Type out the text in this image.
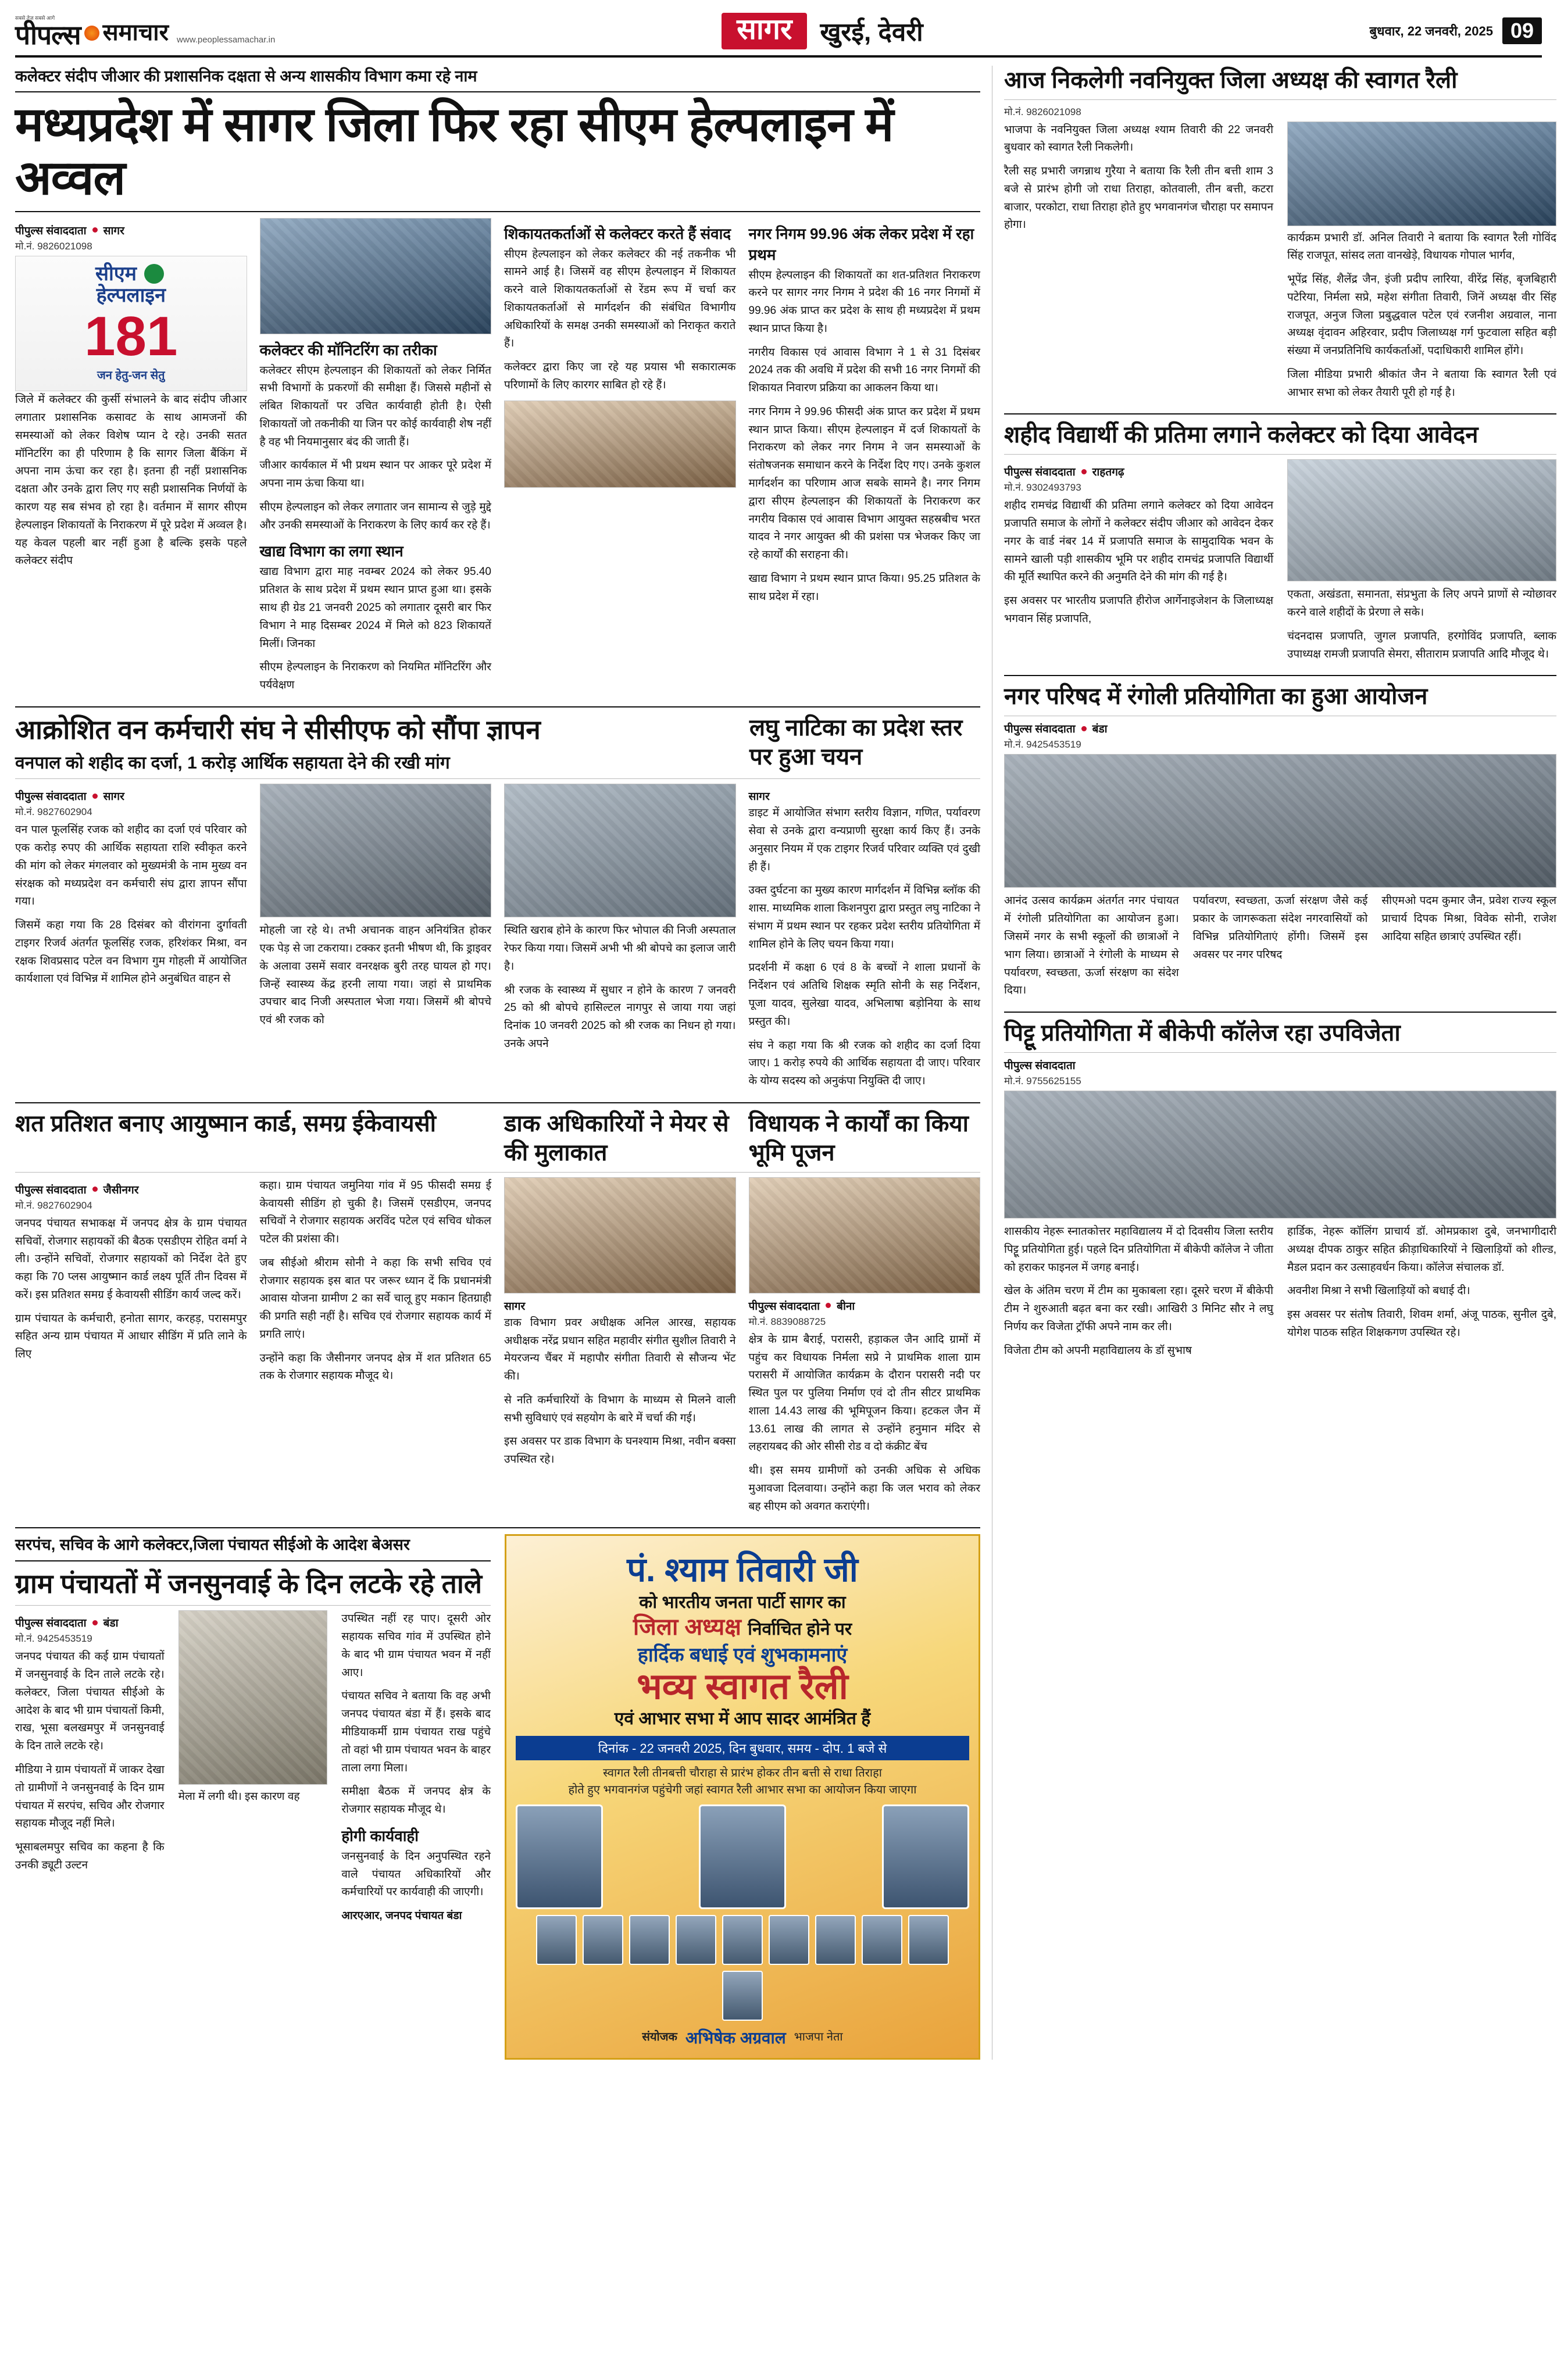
सबसे तेज़ सबसे आगे
पीपल्स समाचार www.peoplessamachar.in	सागर	खुरई, देवरी	बुधवार, 22 जनवरी, 2025 09
कलेक्टर संदीप जीआर की प्रशासनिक दक्षता से अन्य शासकीय विभाग कमा रहे नाम
मध्यप्रदेश में सागर जिला फिर रहा सीएम हेल्पलाइन में अव्वल
पीपुल्स संवाददाता सागर
मो.नं. 9826021098
सीएम
हेल्पलाइन
181
जन हेतु-जन सेतु

जिले में कलेक्टर की कुर्सी संभालने के बाद संदीप जीआर लगातार प्रशासनिक कसावट के साथ आमजनों की समस्याओं को लेकर विशेष प्यान दे रहे। उनकी सतत मॉनिटरिंग का ही परिणाम है कि सागर जिला बैंकिंग में अपना नाम ऊंचा कर रहा है। इतना ही नहीं प्रशासनिक दक्षता और उनके द्वारा लिए गए सही प्रशासनिक निर्णयों के कारण यह सब संभव हो रहा है। वर्तमान में सागर सीएम हेल्पलाइन शिकायतों के निराकरण में पूरे प्रदेश में अव्वल है। यह केवल पहली बार नहीं हुआ है बल्कि इसके पहले कलेक्टर संदीप

कलेक्टर की मॉनिटरिंग का तरीका

कलेक्टर सीएम हेल्पलाइन की शिकायतों को लेकर निर्मित सभी विभागों के प्रकरणों की समीक्षा हैं। जिससे महीनों से लंबित शिकायतों पर उचित कार्यवाही होती है। ऐसी शिकायतों जो तकनीकी या जिन पर कोई कार्यवाही शेष नहीं है वह भी नियमानुसार बंद की जाती हैं।

जीआर कार्यकाल में भी प्रथम स्थान पर आकर पूरे प्रदेश में अपना नाम ऊंचा किया था।

सीएम हेल्पलाइन को लेकर लगातार जन सामान्य से जुड़े मुद्दे और उनकी समस्याओं के निराकरण के लिए कार्य कर रहे हैं।

खाद्य विभाग का लगा स्थान

खाद्य विभाग द्वारा माह नवम्बर 2024 को लेकर 95.40 प्रतिशत के साथ प्रदेश में प्रथम स्थान प्राप्त हुआ था। इसके साथ ही ग्रेड 21 जनवरी 2025 को लगातार दूसरी बार फिर विभाग ने माह दिसम्बर 2024 में मिले को 823 शिकायतें मिलीं। जिनका

सीएम हेल्पलाइन के निराकरण को नियमित मॉनिटरिंग और पर्यवेक्षण

शिकायतकर्ताओं से कलेक्टर करते हैं संवाद

सीएम हेल्पलाइन को लेकर कलेक्टर की नई तकनीक भी सामने आई है। जिसमें वह सीएम हेल्पलाइन में शिकायत करने वाले शिकायतकर्ताओं से रेंडम रूप में चर्चा कर शिकायतकर्ताओं से मार्गदर्शन की संबंधित विभागीय अधिकारियों के समक्ष उनकी समस्याओं को निराकृत कराते हैं।

कलेक्टर द्वारा किए जा रहे यह प्रयास भी सकारात्मक परिणामों के लिए कारगर साबित हो रहे हैं।

नगर निगम 99.96 अंक लेकर प्रदेश में रहा प्रथम

सीएम हेल्पलाइन की शिकायतों का शत-प्रतिशत निराकरण करने पर सागर नगर निगम ने प्रदेश की 16 नगर निगमों में 99.96 अंक प्राप्त कर प्रदेश के साथ ही मध्यप्रदेश में प्रथम स्थान प्राप्त किया है।

नगरीय विकास एवं आवास विभाग ने 1 से 31 दिसंबर 2024 तक की अवधि में प्रदेश की सभी 16 नगर निगमों की शिकायत निवारण प्रक्रिया का आकलन किया था।

नगर निगम ने 99.96 फीसदी अंक प्राप्त कर प्रदेश में प्रथम स्थान प्राप्त किया। सीएम हेल्पलाइन में दर्ज शिकायतों के निराकरण को लेकर नगर निगम ने जन समस्याओं के संतोषजनक समाधान करने के निर्देश दिए गए। उनके कुशल मार्गदर्शन का परिणाम आज सबके सामने है। नगर निगम द्वारा सीएम हेल्पलाइन की शिकायतों के निराकरण कर नगरीय विकास एवं आवास विभाग आयुक्त सहस्रबीच भरत यादव ने नगर आयुक्त श्री की प्रशंसा पत्र भेजकर किए जा रहे कार्यों की सराहना की।

खाद्य विभाग ने प्रथम स्थान प्राप्त किया। 95.25 प्रतिशत के साथ प्रदेश में रहा।

आक्रोशित वन कर्मचारी संघ ने सीसीएफ को सौंपा ज्ञापन
वनपाल को शहीद का दर्जा, 1 करोड़ आर्थिक सहायता देने की रखी मांग
लघु नाटिका का प्रदेश स्तर पर हुआ चयन
पीपुल्स संवाददाता सागर
मो.नं. 9827602904

वन पाल फूलसिंह रजक को शहीद का दर्जा एवं परिवार को एक करोड़ रुपए की आर्थिक सहायता राशि स्वीकृत करने की मांग को लेकर मंगलवार को मुख्यमंत्री के नाम मुख्य वन संरक्षक को मध्यप्रदेश वन कर्मचारी संघ द्वारा ज्ञापन सौंपा गया।

जिसमें कहा गया कि 28 दिसंबर को वीरांगना दुर्गावती टाइगर रिजर्व अंतर्गत फूलसिंह रजक, हरिशंकर मिश्रा, वन रक्षक शिवप्रसाद पटेल वन विभाग गुम गोहली में आयोजित कार्यशाला एवं विभिन्न में शामिल होने अनुबंधित वाहन से

मोहली जा रहे थे। तभी अचानक वाहन अनियंत्रित होकर एक पेड़ से जा टकराया। टक्कर इतनी भीषण थी, कि ड्राइवर के अलावा उसमें सवार वनरक्षक बुरी तरह घायल हो गए। जिन्हें स्वास्थ्य केंद्र हरनी लाया गया। जहां से प्राथमिक उपचार बाद निजी अस्पताल भेजा गया। जिसमें श्री बोपचे एवं श्री रजक को

स्थिति खराब होने के कारण फिर भोपाल की निजी अस्पताल रेफर किया गया। जिसमें अभी भी श्री बोपचे का इलाज जारी है।

श्री रजक के स्वास्थ्य में सुधार न होने के कारण 7 जनवरी 25 को श्री बोपचे हासिल्टल नागपुर से जाया गया जहां दिनांक 10 जनवरी 2025 को श्री रजक का निधन हो गया। उनके अपने

सागर

डाइट में आयोजित संभाग स्तरीय विज्ञान, गणित, पर्यावरण सेवा से उनके द्वारा वन्यप्राणी सुरक्षा कार्य किए हैं। उनके अनुसार नियम में एक टाइगर रिजर्व परिवार व्यक्ति एवं दुखी ही हैं।

उक्त दुर्घटना का मुख्य कारण मार्गदर्शन में विभिन्न ब्लॉक की शास. माध्यमिक शाला किशनपुरा द्वारा प्रस्तुत लघु नाटिका ने संभाग में प्रथम स्थान पर रहकर प्रदेश स्तरीय प्रतियोगिता में शामिल होने के लिए चयन किया गया।

प्रदर्शनी में कक्षा 6 एवं 8 के बच्चों ने शाला प्रधानों के निर्देशन एवं अतिथि शिक्षक स्मृति सोनी के सह निर्देशन, पूजा यादव, सुलेखा यादव, अभिलाषा बड़ोनिया के साथ प्रस्तुत की।

संघ ने कहा गया कि श्री रजक को शहीद का दर्जा दिया जाए। 1 करोड़ रुपये की आर्थिक सहायता दी जाए। परिवार के योग्य सदस्य को अनुकंपा नियुक्ति दी जाए।

शत प्रतिशत बनाए आयुष्मान कार्ड, समग्र ईकेवायसी	डाक अधिकारियों ने मेयर से की मुलाकात
विधायक ने कार्यों का किया भूमि पूजन
पीपुल्स संवाददाता जैसीनगर
मो.नं. 9827602904

जनपद पंचायत सभाकक्ष में जनपद क्षेत्र के ग्राम पंचायत सचिवों, रोजगार सहायकों की बैठक एसडीएम रोहित वर्मा ने ली। उन्होंने सचिवों, रोजगार सहायकों को निर्देश देते हुए कहा कि 70 प्लस आयुष्मान कार्ड लक्ष्य पूर्ति तीन दिवस में करें। इस प्रतिशत समग्र ई केवायसी सीडिंग कार्य जल्द करें।

ग्राम पंचायत के कर्मचारी, हनोता सागर, करहड़, परासमपुर सहित अन्य ग्राम पंचायत में आधार सीडिंग में प्रति लाने के लिए

कहा। ग्राम पंचायत जमुनिया गांव में 95 फीसदी समग्र ई केवायसी सीडिंग हो चुकी है। जिसमें एसडीएम, जनपद सचिवों ने रोजगार सहायक अरविंद पटेल एवं सचिव धोकल पटेल की प्रशंसा की।

जब सीईओ श्रीराम सोनी ने कहा कि सभी सचिव एवं रोजगार सहायक इस बात पर जरूर ध्यान दें कि प्रधानमंत्री आवास योजना ग्रामीण 2 का सर्वे चालू हुए मकान हितग्राही की प्रगति सही नहीं है। सचिव एवं रोजगार सहायक कार्य में प्रगति लाएं।

उन्होंने कहा कि जैसीनगर जनपद क्षेत्र में शत प्रतिशत 65 तक के रोजगार सहायक मौजूद थे।

सागर

डाक विभाग प्रवर अधीक्षक अनिल आरख, सहायक अधीक्षक नरेंद्र प्रधान सहित महावीर संगीत सुशील तिवारी ने मेयरजन्य चैंबर में महापौर संगीता तिवारी से सौजन्य भेंट की।

से नति कर्मचारियों के विभाग के माध्यम से मिलने वाली सभी सुविधाएं एवं सहयोग के बारे में चर्चा की गई।

इस अवसर पर डाक विभाग के घनश्याम मिश्रा, नवीन बक्सा उपस्थित रहे।

पीपुल्स संवाददाता बीना
मो.नं. 8839088725

क्षेत्र के ग्राम बैराई, परासरी, हड़ाकल जैन आदि ग्रामों में पहुंच कर विधायक निर्मला सप्रे ने प्राथमिक शाला ग्राम परासरी में आयोजित कार्यक्रम के दौरान परासरी नदी पर स्थित पुल पर पुलिया निर्माण एवं दो तीन सीटर प्राथमिक शाला 14.43 लाख की भूमिपूजन किया। हटकल जैन में 13.61 लाख की लागत से उन्होंने हनुमान मंदिर से लहरायबद की ओर सीसी रोड व दो कंक्रीट बेंच

थी। इस समय ग्रामीणों को उनकी अधिक से अधिक मुआवजा दिलवाया। उन्होंने कहा कि जल भराव को लेकर बह सीएम को अवगत कराएंगी।

सरपंच, सचिव के आगे कलेक्टर,जिला पंचायत सीईओ के आदेश बेअसर
ग्राम पंचायतों में जनसुनवाई के दिन लटके रहे ताले
पीपुल्स संवाददाता बंडा
मो.नं. 9425453519

जनपद पंचायत की कई ग्राम पंचायतों में जनसुनवाई के दिन ताले लटके रहे। कलेक्टर, जिला पंचायत सीईओ के आदेश के बाद भी ग्राम पंचायतों किमी, राख, भूसा बलखमपुर में जनसुनवाई के दिन ताले लटके रहे।

मीडिया ने ग्राम पंचायतों में जाकर देखा तो ग्रामीणों ने जनसुनवाई के दिन ग्राम पंचायत में सरपंच, सचिव और रोजगार सहायक मौजूद नहीं मिले।

भूसाबलमपुर सचिव का कहना है कि उनकी ड्यूटी उल्टन

मेला में लगी थी। इस कारण वह

उपस्थित नहीं रह पाए। दूसरी ओर सहायक सचिव गांव में उपस्थित होने के बाद भी ग्राम पंचायत भवन में नहीं आए।

पंचायत सचिव ने बताया कि वह अभी जनपद पंचायत बंडा में हैं। इसके बाद मीडियाकर्मी ग्राम पंचायत राख पहुंचे तो वहां भी ग्राम पंचायत भवन के बाहर ताला लगा मिला।

समीक्षा बैठक में जनपद क्षेत्र के रोजगार सहायक मौजूद थे।

होगी कार्यवाही

जनसुनवाई के दिन अनुपस्थित रहने वाले पंचायत अधिकारियों और कर्मचारियों पर कार्यवाही की जाएगी।

आरएआर, जनपद पंचायत बंडा

पं. श्याम तिवारी जी
को भारतीय जनता पार्टी सागर का
जिला अध्यक्ष निर्वाचित होने पर
हार्दिक बधाई एवं शुभकामनाएं
भव्य स्वागत रैली
एवं आभार सभा में आप सादर आमंत्रित हैं
दिनांक - 22 जनवरी 2025, दिन बुधवार, समय - दोप. 1 बजे से
स्वागत रैली तीनबत्ती चौराहा से प्रारंभ होकर तीन बत्ती से राधा तिराहा
होते हुए भगवानगंज पहुंचेगी जहां स्वागत रैली आभार सभा का आयोजन किया जाएगा
संयोजक अभिषेक अग्रवाल भाजपा नेता
आज निकलेगी नवनियुक्त जिला अध्यक्ष की स्वागत रैली
मो.नं. 9826021098

भाजपा के नवनियुक्त जिला अध्यक्ष श्याम तिवारी की 22 जनवरी बुधवार को स्वागत रैली निकलेगी।

रैली सह प्रभारी जगन्नाथ गुरैया ने बताया कि रैली तीन बत्ती शाम 3 बजे से प्रारंभ होगी जो राधा तिराहा, कोतवाली, तीन बत्ती, कटरा बाजार, परकोटा, राधा तिराहा होते हुए भगवानगंज चौराहा पर समापन होगा।

कार्यक्रम प्रभारी डॉ. अनिल तिवारी ने बताया कि स्वागत रैली गोविंद सिंह राजपूत, सांसद लता वानखेड़े, विधायक गोपाल भार्गव,

भूपेंद्र सिंह, शैलेंद्र जैन, इंजी प्रदीप लारिया, वीरेंद्र सिंह, बृजबिहारी पटेरिया, निर्मला सप्रे, महेश संगीता तिवारी, जिनें अध्यक्ष वीर सिंह राजपूत, अनुज जिला प्रबुद्धवाल पटेल एवं रजनीश अग्रवाल, नाना अध्यक्ष वृंदावन अहिरवार, प्रदीप जिलाध्यक्ष गर्ग फुटवाला सहित बड़ी संख्या में जनप्रतिनिधि कार्यकर्ताओं, पदाधिकारी शामिल होंगे।

जिला मीडिया प्रभारी श्रीकांत जैन ने बताया कि स्वागत रैली एवं आभार सभा को लेकर तैयारी पूरी हो गई है।

शहीद विद्यार्थी की प्रतिमा लगाने कलेक्टर को दिया आवेदन
पीपुल्स संवाददाता राहतगढ़
मो.नं. 9302493793

शहीद रामचंद्र विद्यार्थी की प्रतिमा लगाने कलेक्टर को दिया आवेदन प्रजापति समाज के लोगों ने कलेक्टर संदीप जीआर को आवेदन देकर नगर के वार्ड नंबर 14 में प्रजापति समाज के सामुदायिक भवन के सामने खाली पड़ी शासकीय भूमि पर शहीद रामचंद्र प्रजापति विद्यार्थी की मूर्ति स्थापित करने की अनुमति देने की मांग की गई है।

इस अवसर पर भारतीय प्रजापति हीरोज आर्गेनाइजेशन के जिलाध्यक्ष भगवान सिंह प्रजापति,

एकता, अखंडता, समानता, संप्रभुता के लिए अपने प्राणों से न्योछावर करने वाले शहीदों के प्रेरणा ले सके।

चंदनदास प्रजापति, जुगल प्रजापति, हरगोविंद प्रजापति, ब्लाक उपाध्यक्ष रामजी प्रजापति सेमरा, सीताराम प्रजापति आदि मौजूद थे।

नगर परिषद में रंगोली प्रतियोगिता का हुआ आयोजन
पीपुल्स संवाददाता बंडा
मो.नं. 9425453519

आनंद उत्सव कार्यक्रम अंतर्गत नगर पंचायत में रंगोली प्रतियोगिता का आयोजन हुआ। जिसमें नगर के सभी स्कूलों की छात्राओं ने भाग लिया। छात्राओं ने रंगोली के माध्यम से पर्यावरण, स्वच्छता, ऊर्जा संरक्षण का संदेश दिया।

पर्यावरण, स्वच्छता, ऊर्जा संरक्षण जैसे कई प्रकार के जागरूकता संदेश नगरवासियों को विभिन्न प्रतियोगिताएं होंगी। जिसमें इस अवसर पर नगर परिषद

सीएमओ पदम कुमार जैन, प्रवेश राज्य स्कूल प्राचार्य दिपक मिश्रा, विवेक सोनी, राजेश आदिया सहित छात्राएं उपस्थित रहीं।

पिट्टू प्रतियोगिता में बीकेपी कॉलेज रहा उपविजेता
पीपुल्स संवाददाता
मो.नं. 9755625155

शासकीय नेहरू स्नातकोत्तर महाविद्यालय में दो दिवसीय जिला स्तरीय पिट्टू प्रतियोगिता हुई। पहले दिन प्रतियोगिता में बीकेपी कॉलेज ने जीता को हराकर फाइनल में जगह बनाई।

खेल के अंतिम चरण में टीम का मुकाबला रहा। दूसरे चरण में बीकेपी टीम ने शुरुआती बढ़त बना कर रखी। आखिरी 3 मिनिट सौर ने लघु निर्णय कर विजेता ट्रॉफी अपने नाम कर ली।

विजेता टीम को अपनी महाविद्यालय के डॉ सुभाष

हार्डिक, नेहरू कॉलिंग प्राचार्य डॉ. ओमप्रकाश दुबे, जनभागीदारी अध्यक्ष दीपक ठाकुर सहित क्रीड़ाधिकारियों ने खिलाड़ियों को शील्ड, मैडल प्रदान कर उत्साहवर्धन किया। कॉलेज संचालक डॉ.

अवनीश मिश्रा ने सभी खिलाड़ियों को बधाई दी।

इस अवसर पर संतोष तिवारी, शिवम शर्मा, अंजू पाठक, सुनील दुबे, योगेश पाठक सहित शिक्षकगण उपस्थित रहे।
